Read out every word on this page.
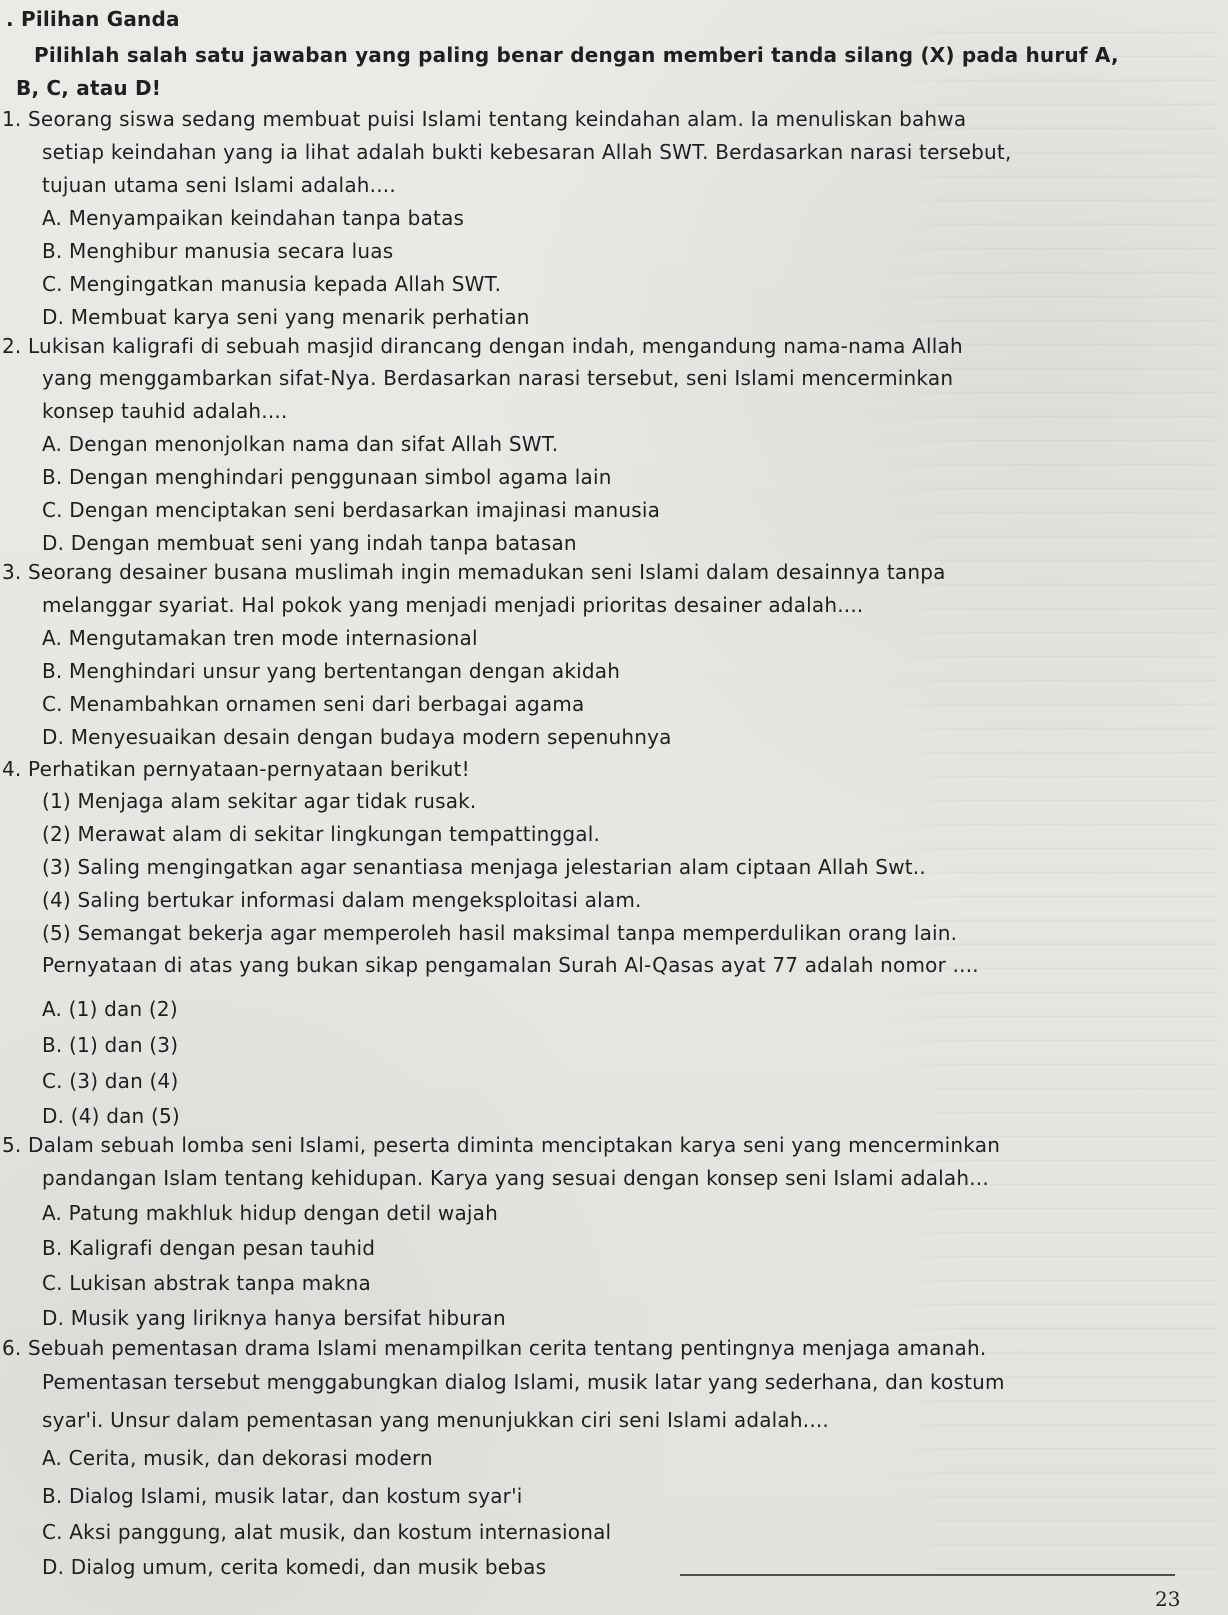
. Pilihan Ganda
Pilihlah salah satu jawaban yang paling benar dengan memberi tanda silang (X) pada huruf A,
B, C, atau D!
1. Seorang siswa sedang membuat puisi Islami tentang keindahan alam. Ia menuliskan bahwa
setiap keindahan yang ia lihat adalah bukti kebesaran Allah SWT. Berdasarkan narasi tersebut,
tujuan utama seni Islami adalah....
A. Menyampaikan keindahan tanpa batas
B. Menghibur manusia secara luas
C. Mengingatkan manusia kepada Allah SWT.
D. Membuat karya seni yang menarik perhatian
2. Lukisan kaligrafi di sebuah masjid dirancang dengan indah, mengandung nama-nama Allah
yang menggambarkan sifat-Nya. Berdasarkan narasi tersebut, seni Islami mencerminkan
konsep tauhid adalah....
A. Dengan menonjolkan nama dan sifat Allah SWT.
B. Dengan menghindari penggunaan simbol agama lain
C. Dengan menciptakan seni berdasarkan imajinasi manusia
D. Dengan membuat seni yang indah tanpa batasan
3. Seorang desainer busana muslimah ingin memadukan seni Islami dalam desainnya tanpa
melanggar syariat. Hal pokok yang menjadi menjadi prioritas desainer adalah....
A. Mengutamakan tren mode internasional
B. Menghindari unsur yang bertentangan dengan akidah
C. Menambahkan ornamen seni dari berbagai agama
D. Menyesuaikan desain dengan budaya modern sepenuhnya
4. Perhatikan pernyataan-pernyataan berikut!
(1) Menjaga alam sekitar agar tidak rusak.
(2) Merawat alam di sekitar lingkungan tempattinggal.
(3) Saling mengingatkan agar senantiasa menjaga jelestarian alam ciptaan Allah Swt..
(4) Saling bertukar informasi dalam mengeksploitasi alam.
(5) Semangat bekerja agar memperoleh hasil maksimal tanpa memperdulikan orang lain.
Pernyataan di atas yang bukan sikap pengamalan Surah Al-Qasas ayat 77 adalah nomor ....
A. (1) dan (2)
B. (1) dan (3)
C. (3) dan (4)
D. (4) dan (5)
5. Dalam sebuah lomba seni Islami, peserta diminta menciptakan karya seni yang mencerminkan
pandangan Islam tentang kehidupan. Karya yang sesuai dengan konsep seni Islami adalah...
A. Patung makhluk hidup dengan detil wajah
B. Kaligrafi dengan pesan tauhid
C. Lukisan abstrak tanpa makna
D. Musik yang liriknya hanya bersifat hiburan
6. Sebuah pementasan drama Islami menampilkan cerita tentang pentingnya menjaga amanah.
Pementasan tersebut menggabungkan dialog Islami, musik latar yang sederhana, dan kostum
syar'i. Unsur dalam pementasan yang menunjukkan ciri seni Islami adalah....
A. Cerita, musik, dan dekorasi modern
B. Dialog Islami, musik latar, dan kostum syar'i
C. Aksi panggung, alat musik, dan kostum internasional
D. Dialog umum, cerita komedi, dan musik bebas
23
